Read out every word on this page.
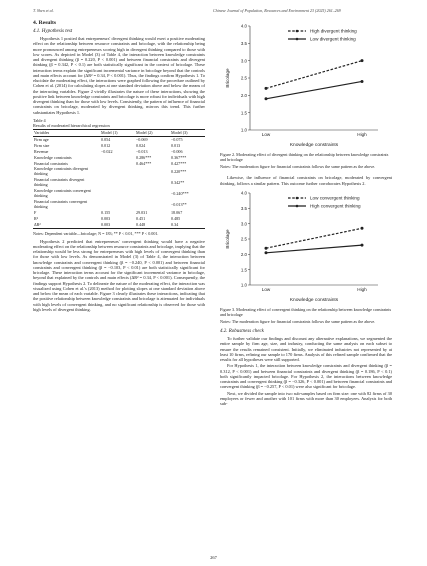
T. Shen et al.	Chinese Journal of Population, Resources and Environment 23 (2025) 261–269
4. Results
4.1. Hypothesis test

Hypothesis 1 posited that entrepreneurs' divergent thinking would exert a positive moderating effect on the relationship between resource constraints and bricolage, with the relationship being more pronounced among entrepreneurs scoring high in divergent thinking compared to those with low scores. As depicted in Model (3) of Table 4, the interaction between knowledge constraints and divergent thinking (β = 0.220, P < 0.001) and between financial constraints and divergent thinking (β = 0.342, P < 0.1) are both statistically significant in the context of bricolage. These interaction terms explain the significant incremental variance in bricolage beyond that the controls and main effects account for (ΔR² = 0.34, P < 0.001). Thus, the findings confirm Hypothesis 1. To elucidate the moderating effect, the interactions were graphed following the procedure outlined by Cohen et al. (2014) for calculating slopes at one standard deviation above and below the means of the interacting variables. Figure 2 vividly illustrates the nature of these interactions, showing the positive link between knowledge constraints and bricolage is more robust for individuals with high divergent thinking than for those with low levels. Consistently, the pattern of influence of financial constraints on bricolage, moderated by divergent thinking, mirrors this trend. This further substantiates Hypothesis 1.

Table 4
Results of moderated hierarchical regression
Variables	Model (1)	Model (2)	Model (3)
Firm age	0.054	−0.069	−0.075
Firm size	0.012	0.024	0.013
Revenue	−0.022	−0.013	−0.006
Knowledge constraints		0.286***	0.367***
Financial constraints		0.464***	0.427***
Knowledge constraints divergent thinking			0.220***
Financial constraints divergent thinking			0.342**
Knowledge constraints convergent thinking			−0.240***
Financial constraints convergent thinking			−0.013**
F	0.155	29.031	18.067
R²	0.003	0.451	0.485
ΔR²	0.003	0.448	0.34
Notes: Dependent variable—bricolage; N = 183; ** P < 0.01, *** P < 0.001.

Hypothesis 2 predicted that entrepreneurs' convergent thinking would have a negative moderating effect on the relationship between resource constraints and bricolage, implying that the relationship would be less strong for entrepreneurs with high levels of convergent thinking than for those with low levels. As demonstrated in Model (3) of Table 4, the interaction between knowledge constraints and convergent thinking (β = −0.240, P < 0.001) and between financial constraints and convergent thinking (β = −0.103, P < 0.01) are both statistically significant for bricolage. These interaction terms account for the significant incremental variance in bricolage, beyond that explained by the controls and main effects (ΔR² = 0.34, P < 0.001). Consequently, the findings support Hypothesis 2. To delineate the nature of the moderating effect, the interaction was visualized using Cohen et al.'s (2013) method for plotting slopes at one standard deviation above and below the mean of each variable. Figure 3 clearly illustrates these interactions, indicating that the positive relationship between knowledge constraints and bricolage is attenuated for individuals with high levels of convergent thinking, and no significant relationship is observed for those with high levels of divergent thinking.

1.0
1.5
2.0
2.5
3.0
3.5
4.0
Low	High
Bricolage
Knowledge constraints
High divergent thinking
Low divergent thinking
Figure 2. Moderating effect of divergent thinking on the relationship between knowledge constraints and bricolage
Notes: The moderation figure for financial constraints follows the same pattern as the above.

Likewise, the influence of financial constraints on bricolage, moderated by convergent thinking, follows a similar pattern. This outcome further corroborates Hypothesis 2.

1.0
1.5
2.0
2.5
3.0
3.5
4.0
Low	High
Bricolage
Knowledge constraints
Low convergent thinking
High convergent thinking
Figure 3. Moderating effect of convergent thinking on the relationship between knowledge constraints and bricolage
Notes: The moderation figure for financial constraints follows the same pattern as the above.
4.2. Robustness check

To further validate our findings and discount any alternative explanations, we segmented the entire sample by firm age, size, and industry, conducting the same analysis on each subset to ensure the results remained consistent. Initially, we eliminated industries not represented by at least 10 firms, refining our sample to 170 firms. Analysis of this refined sample confirmed that the results for all hypotheses were still supported.

For Hypothesis 1, the interaction between knowledge constraints and divergent thinking (β = 0.312, P < 0.001) and between financial constraints and divergent thinking (β = 0.186, P < 0.1) both significantly impacted bricolage. For Hypothesis 2, the interactions between knowledge constraints and convergent thinking (β = −0.326, P < 0.001) and between financial constraints and convergent thinking (β = −0.257, P < 0.01) were also significant for bricolage.

Next, we divided the sample into two sub-samples based on firm size: one with 82 firms of 30 employees or fewer and another with 101 firms with more than 30 employees. Analysis for both sub-

267
